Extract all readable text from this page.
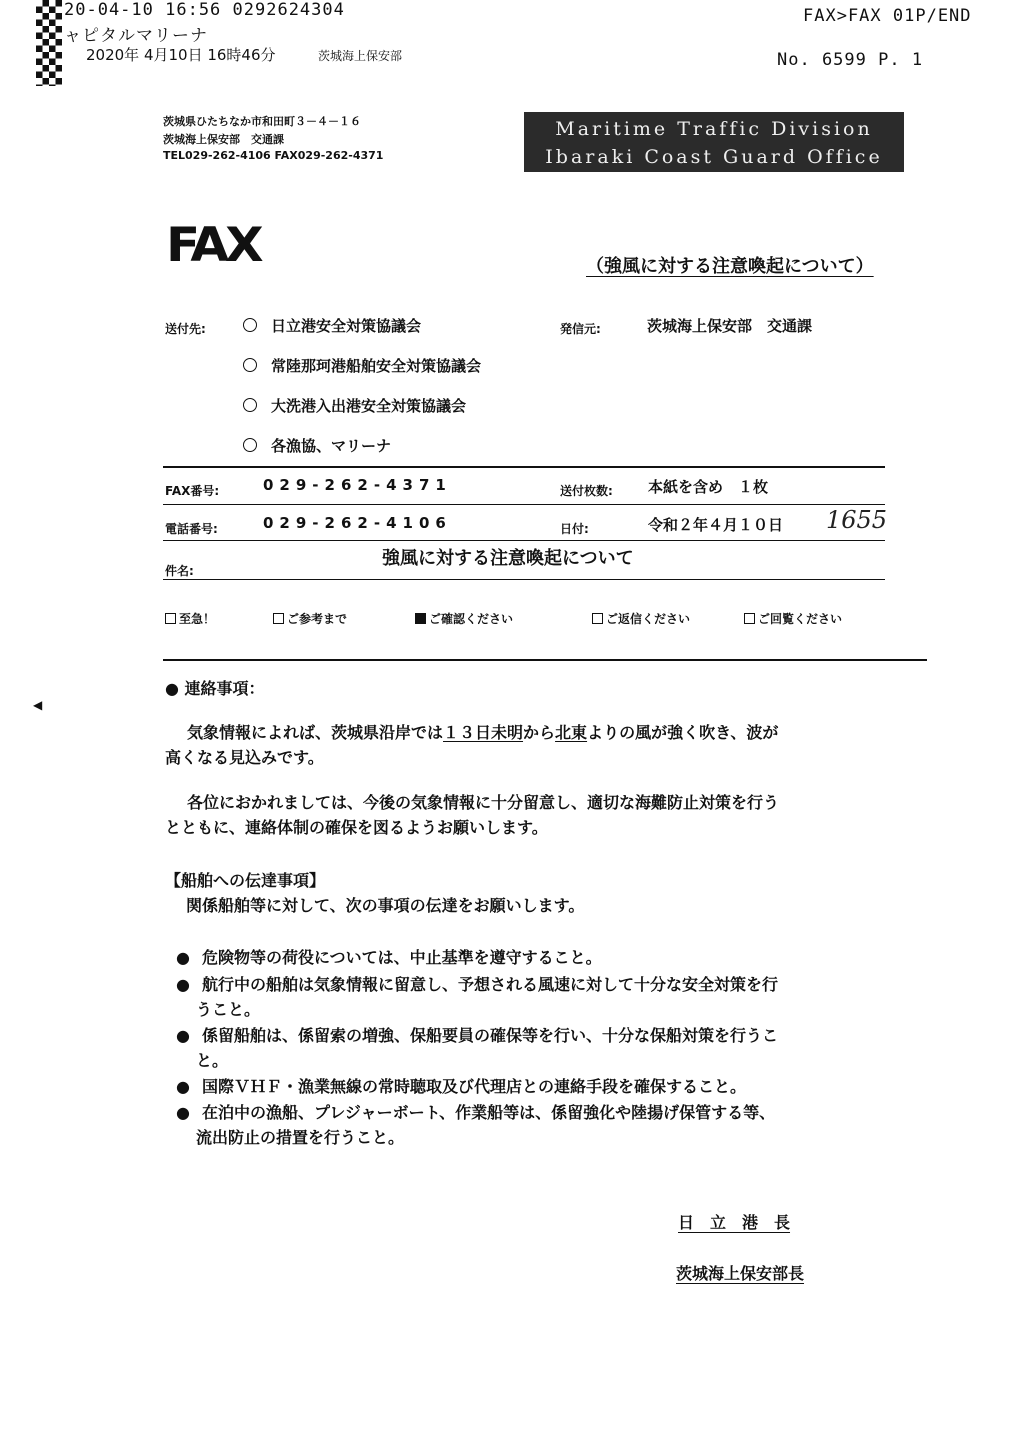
20-04-10 16:56 0292624304
ャピタルマリーナ
2020年 4月10日 16時46分	茨城海上保安部
FAX>FAX 01P/END
No. 6599 P. 1
茨城県ひたちなか市和田町３－４－１６
茨城海上保安部　交通課
TEL029-262-4106 FAX029-262-4371
Maritime Traffic Division
Ibaraki Coast Guard Office
FAX	（強風に対する注意喚起について）
送付先:	日立港安全対策協議会
常陸那珂港船舶安全対策協議会
大洗港入出港安全対策協議会
各漁協、マリーナ
発信元:	茨城海上保安部　交通課
FAX番号:	029-262-4371	送付枚数: 本紙を含め　１枚
電話番号:	029-262-4106	日付:	令和２年４月１０日 1655
件名:
強風に対する注意喚起について
至急！	ご参考まで	ご確認ください	ご返信ください	ご回覧ください
◀
● 連絡事項：
気象情報によれば、茨城県沿岸では１３日未明から北東よりの風が強く吹き、波が
高くなる見込みです。
各位におかれましては、今後の気象情報に十分留意し、適切な海難防止対策を行う
とともに、連絡体制の確保を図るようお願いします。
【船舶への伝達事項】
関係船舶等に対して、次の事項の伝達をお願いします。
● 危険物等の荷役については、中止基準を遵守すること。
● 航行中の船舶は気象情報に留意し、予想される風速に対して十分な安全対策を行
うこと。
● 係留船舶は、係留索の増強、保船要員の確保等を行い、十分な保船対策を行うこ
と。
● 国際ＶＨＦ・漁業無線の常時聴取及び代理店との連絡手段を確保すること。
● 在泊中の漁船、プレジャーボート、作業船等は、係留強化や陸揚げ保管する等、
流出防止の措置を行うこと。
日　立　港　長
茨城海上保安部長
